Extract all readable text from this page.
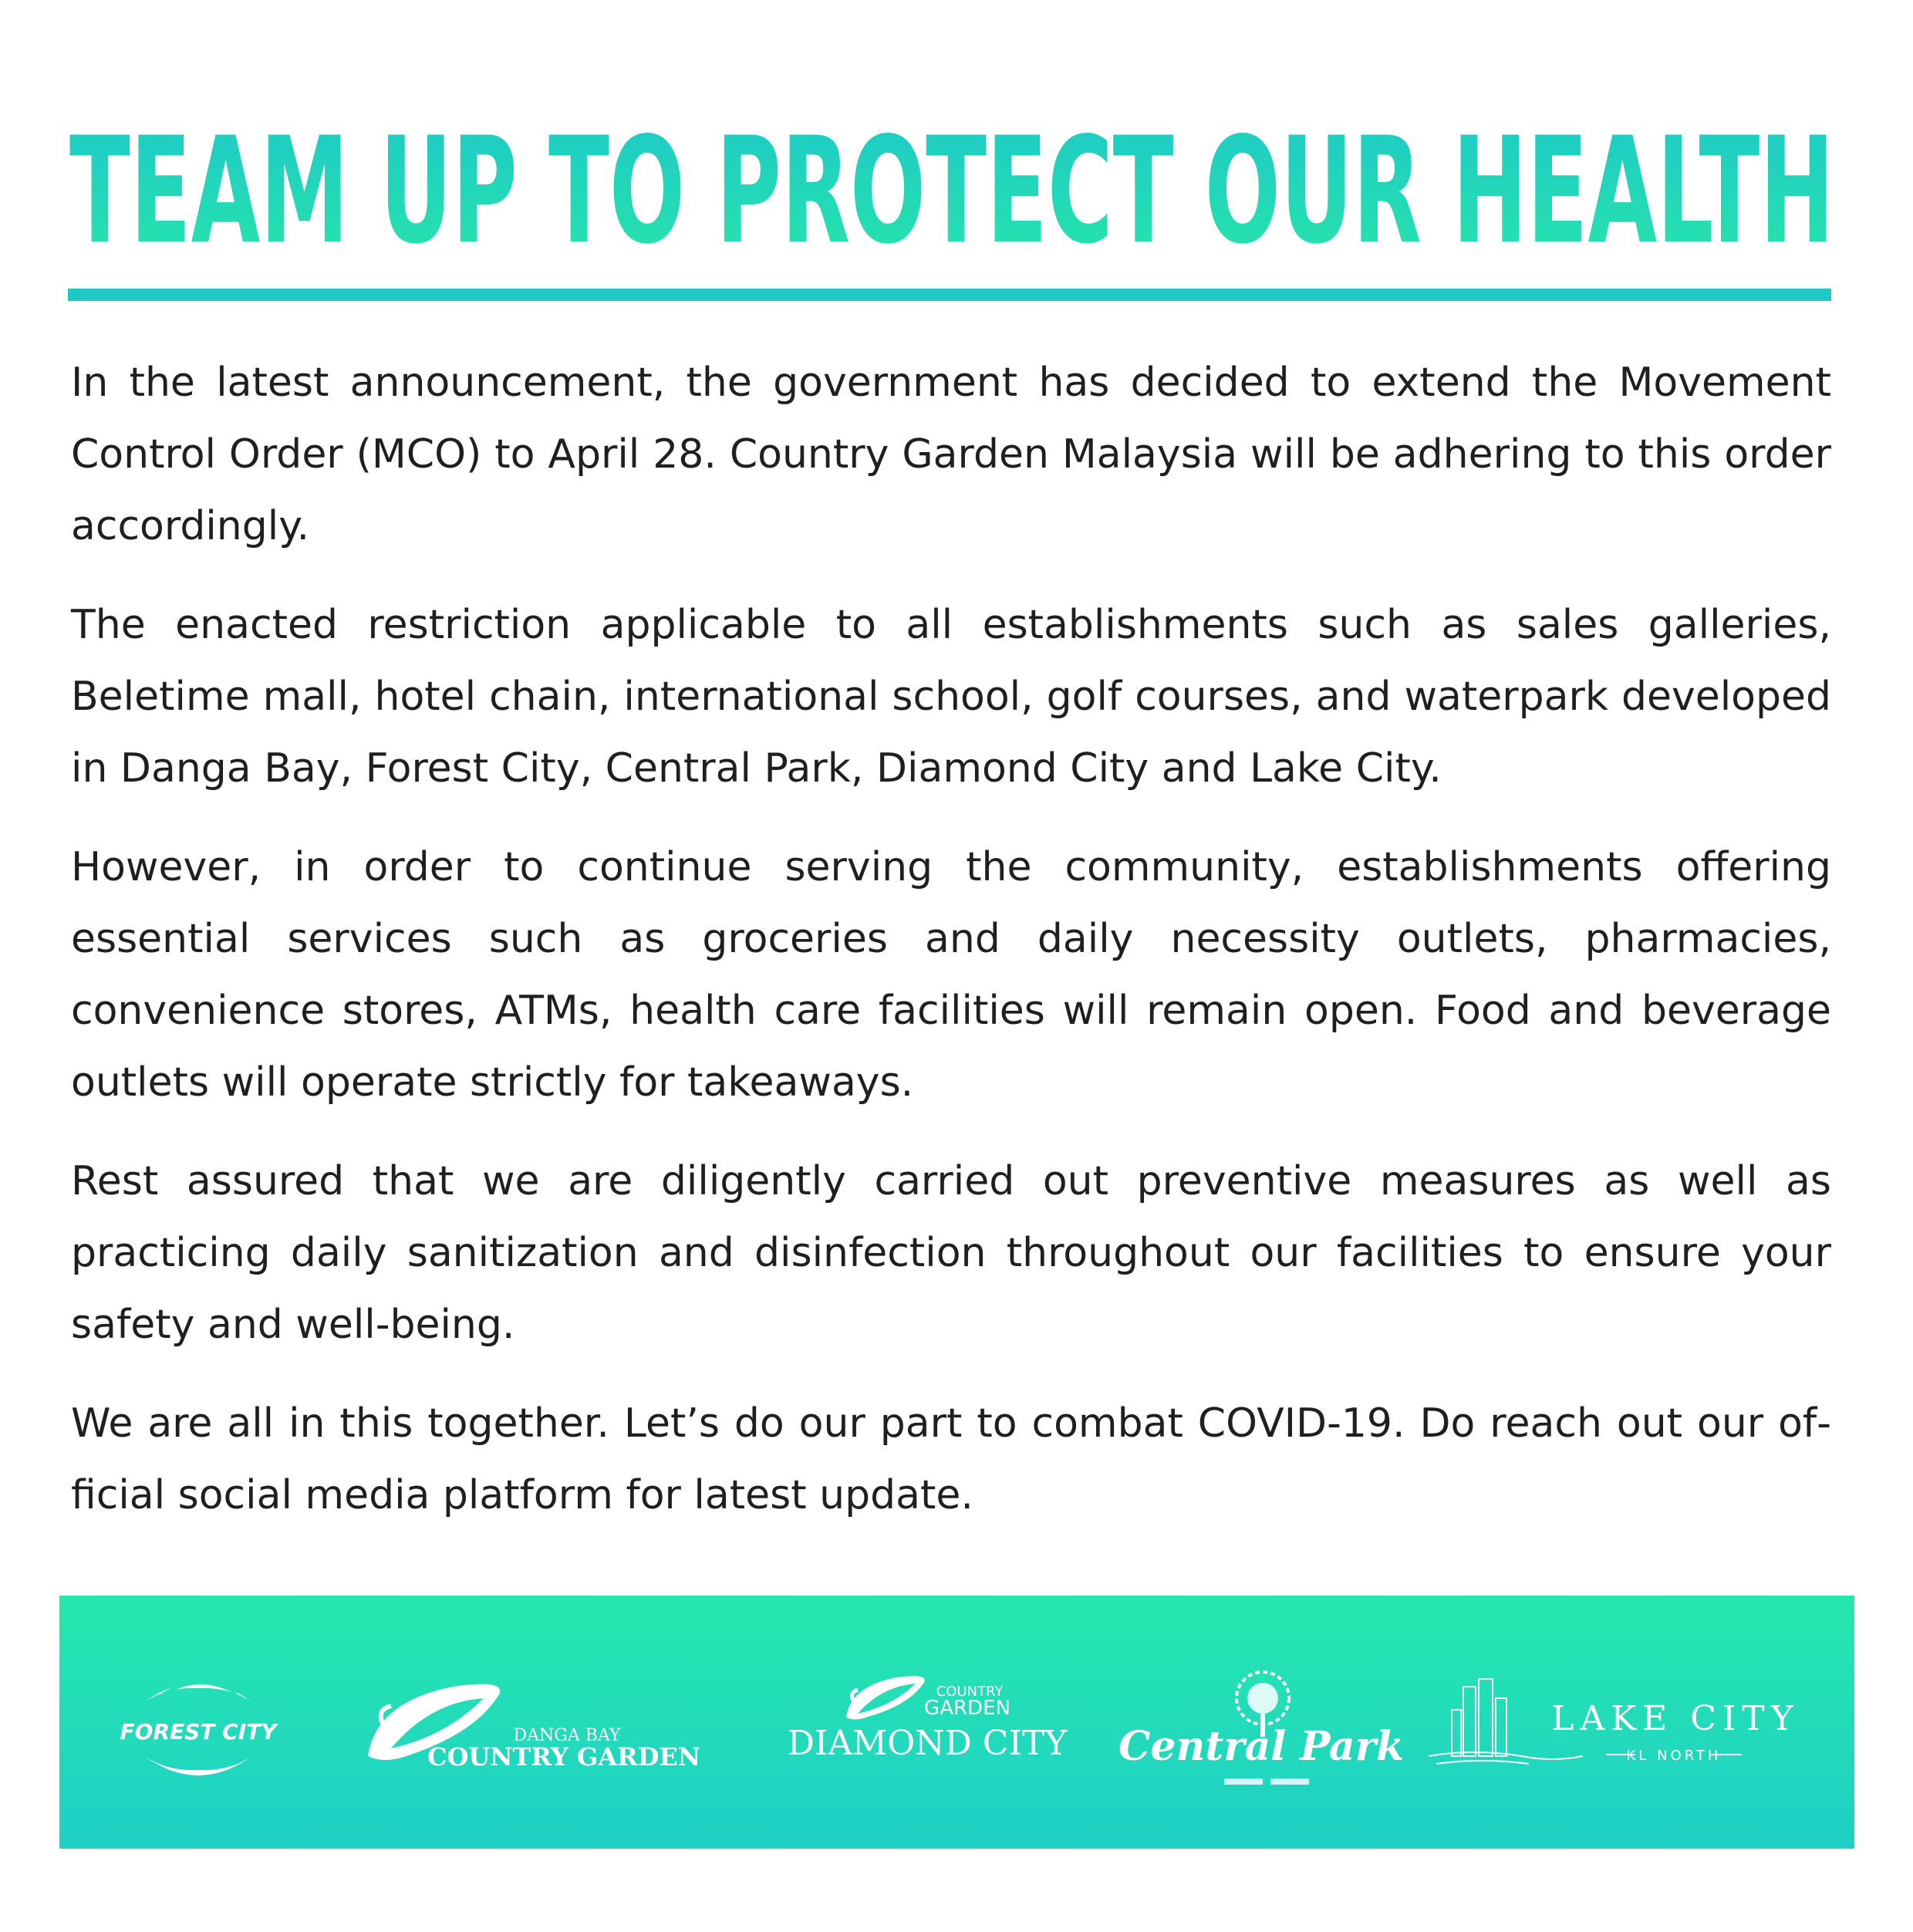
TEAM UP TO PROTECT OUR HEALTH

In the latest announcement, the government has decided to extend the Movement Control Order (MCO) to April 28. Country Garden Malaysia will be adhering to this order accordingly.

The enacted restriction applicable to all establishments such as sales galleries, Beletime mall, hotel chain, international school, golf courses, and waterpark developed in Danga Bay, Forest City, Central Park, Diamond City and Lake City.

However, in order to continue serving the community, establishments offering essential services such as groceries and daily necessity outlets, pharmacies, convenience stores, ATMs, health care facilities will remain open. Food and beverage outlets will operate strictly for takeaways.

Rest assured that we are diligently carried out preventive measures as well as practicing daily sanitization and disinfection throughout our facilities to ensure your safety and well-being.

We are all in this together. Let’s do our part to combat COVID-19. Do reach out our official social media platform for latest update.

FOREST CITY	DANGA BAY
COUNTRY GARDEN
COUNTRY
GARDEN
DIAMOND CITY Central Park
LAKE CITY
KL NORTH
